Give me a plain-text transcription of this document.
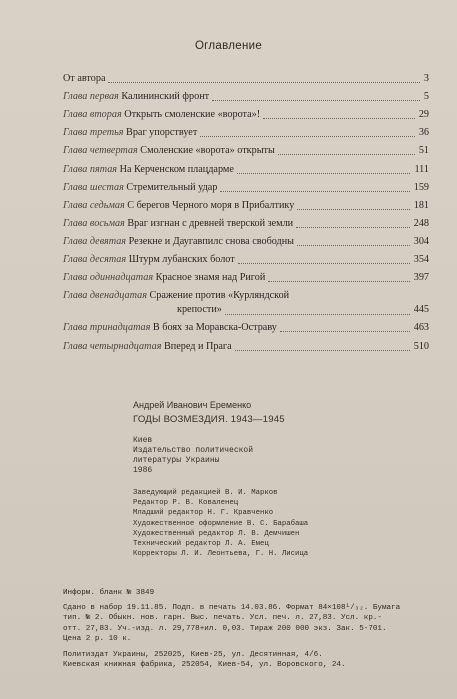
Оглавление
От автора	3
Глава первая Калининский фронт	5
Глава вторая Открыть смоленские «ворота»!	29
Глава третья Враг упорствует	36
Глава четвертая Смоленские «ворота» открыты	51
Глава пятая На Керченском плацдарме	111
Глава шестая Стремительный удар	159
Глава седьмая С берегов Черного моря в Прибалтику	181
Глава восьмая Враг изгнан с древней тверской земли	248
Глава девятая Резекне и Даугавпилс снова свободны	304
Глава десятая Штурм лубанских болот	354
Глава одиннадцатая Красное знамя над Ригой	397
Глава двенадцатая Сражение против «Курляндской
крепости»	445
Глава тринадцатая В боях за Моравска-Остраву	463
Глава четырнадцатая Вперед и Прага	510
Андрей Иванович Еременко
ГОДЫ ВОЗМЕЗДИЯ. 1943—1945
Киев
Издательство политической
литературы Украины
1986
Заведующий редакцией В. И. Марков
Редактор Р. В. Коваленец
Младший редактор Н. Г. Кравченко
Художественное оформление В. С. Барабаша
Художественный редактор Л. В. Демчишен
Технический редактор Л. А. Емец
Корректоры Л. И. Леонтьева, Г. Н. Лисица
Информ. бланк № 3849
Сдано в набор 19.11.85. Подп. в печать 14.03.86. Формат 84×108¹/₃₂. Бумага
тип. № 2. Обыкн. нов. гарн. Выс. печать. Усл. печ. л. 27,83. Усл. кр.-
отт. 27,83. Уч.-изд. л. 29,778+ил. 0,03. Тираж 200 000 экз. Зак. 5-701.
Цена 2 р. 10 к.
Политиздат Украины, 252025, Киев-25, ул. Десятинная, 4/6.
Киевская книжная фабрика, 252054, Киев-54, ул. Воровского, 24.
